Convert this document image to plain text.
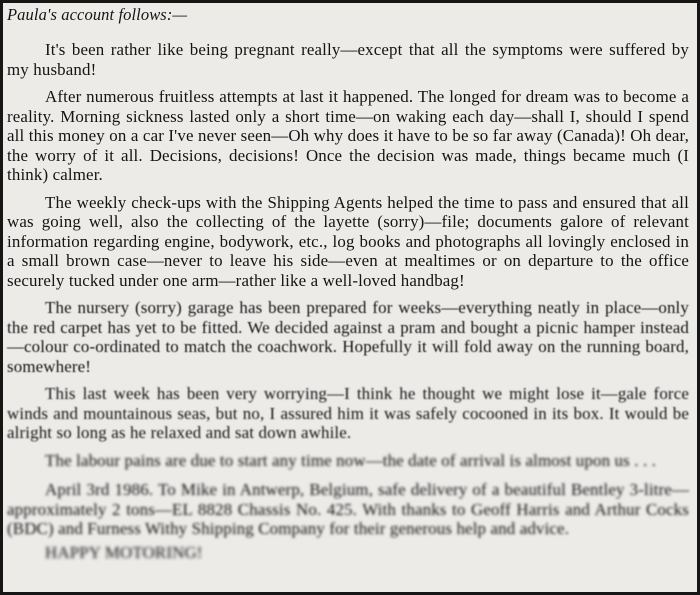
Paula's account follows:—

It's been rather like being pregnant really—except that all the symptoms were suffered by my husband!

After numerous fruitless attempts at last it happened. The longed for dream was to become a reality. Morning sickness lasted only a short time—on waking each day—shall I, should I spend all this money on a car I've never seen—Oh why does it have to be so far away (Canada)! Oh dear, the worry of it all. Decisions, decisions! Once the decision was made, things became much (I think) calmer.

The weekly check-ups with the Shipping Agents helped the time to pass and ensured that all was going well, also the collecting of the layette (sorry)—file; documents galore of relevant information regarding engine, bodywork, etc., log books and photographs all lovingly enclosed in a small brown case—never to leave his side—even at mealtimes or on departure to the office securely tucked under one arm—rather like a well-loved handbag!

The nursery (sorry) garage has been prepared for weeks—everything neatly in place—only the red carpet has yet to be fitted. We decided against a pram and bought a picnic hamper instead—colour co-ordinated to match the coachwork. Hopefully it will fold away on the running board, somewhere!

This last week has been very worrying—I think he thought we might lose it—gale force winds and mountainous seas, but no, I assured him it was safely cocooned in its box. It would be alright so long as he relaxed and sat down awhile.

The labour pains are due to start any time now—the date of arrival is almost upon us . . .

April 3rd 1986. To Mike in Antwerp, Belgium, safe delivery of a beautiful Bentley 3-litre—approximately 2 tons—EL 8828 Chassis No. 425. With thanks to Geoff Harris and Arthur Cocks (BDC) and Furness Withy Shipping Company for their generous help and advice.

HAPPY MOTORING!
